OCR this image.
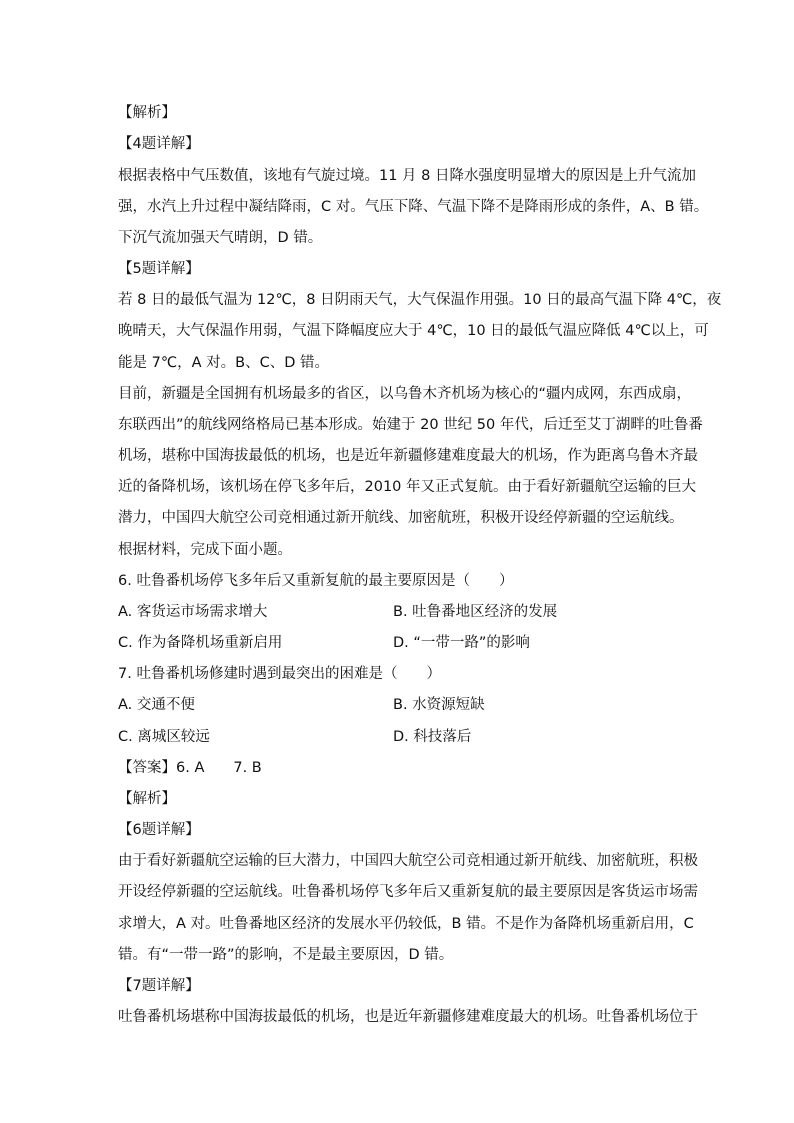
【解析】
【4题详解】
根据表格中气压数值，该地有气旋过境。11 月 8 日降水强度明显增大的原因是上升气流加
强，水汽上升过程中凝结降雨，C 对。气压下降、气温下降不是降雨形成的条件，A、B 错。
下沉气流加强天气晴朗，D 错。
【5题详解】
若 8 日的最低气温为 12℃，8 日阴雨天气，大气保温作用强。10 日的最高气温下降 4℃，夜
晚晴天，大气保温作用弱，气温下降幅度应大于 4℃，10 日的最低气温应降低 4℃以上，可
能是 7℃，A 对。B、C、D 错。
目前，新疆是全国拥有机场最多的省区，以乌鲁木齐机场为核心的“疆内成网，东西成扇，
东联西出”的航线网络格局已基本形成。始建于 20 世纪 50 年代，后迁至艾丁湖畔的吐鲁番
机场，堪称中国海拔最低的机场，也是近年新疆修建难度最大的机场，作为距离乌鲁木齐最
近的备降机场，该机场在停飞多年后，2010 年又正式复航。由于看好新疆航空运输的巨大
潜力，中国四大航空公司竞相通过新开航线、加密航班，积极开设经停新疆的空运航线。
根据材料，完成下面小题。
6. 吐鲁番机场停飞多年后又重新复航的最主要原因是（　　）
A. 客货运市场需求增大	B. 吐鲁番地区经济的发展
C. 作为备降机场重新启用	D. “一带一路”的影响
7. 吐鲁番机场修建时遇到最突出的困难是（　　）
A. 交通不便	B. 水资源短缺
C. 离城区较远	D. 科技落后
【答案】6. A　　7. B
【解析】
【6题详解】
由于看好新疆航空运输的巨大潜力，中国四大航空公司竞相通过新开航线、加密航班，积极
开设经停新疆的空运航线。吐鲁番机场停飞多年后又重新复航的最主要原因是客货运市场需
求增大，A 对。吐鲁番地区经济的发展水平仍较低，B 错。不是作为备降机场重新启用，C
错。有“一带一路”的影响，不是最主要原因，D 错。
【7题详解】
吐鲁番机场堪称中国海拔最低的机场，也是近年新疆修建难度最大的机场。吐鲁番机场位于
